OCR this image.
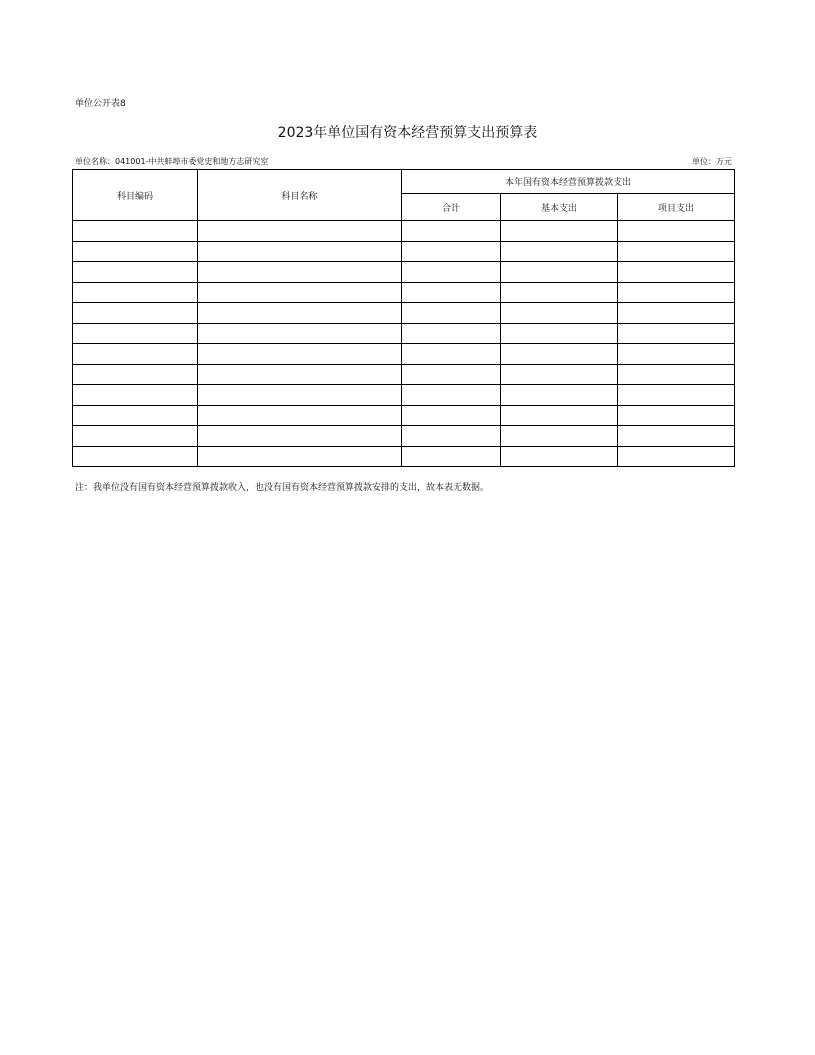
单位公开表8
2023年单位国有资本经营预算支出预算表
单位名称：041001-中共蚌埠市委党史和地方志研究室	单位：万元
科目编码	科目名称	本年国有资本经营预算拨款支出		
		合计	基本支出	项目支出

注：我单位没有国有资本经营预算拨款收入，也没有国有资本经营预算拨款安排的支出，故本表无数据。
